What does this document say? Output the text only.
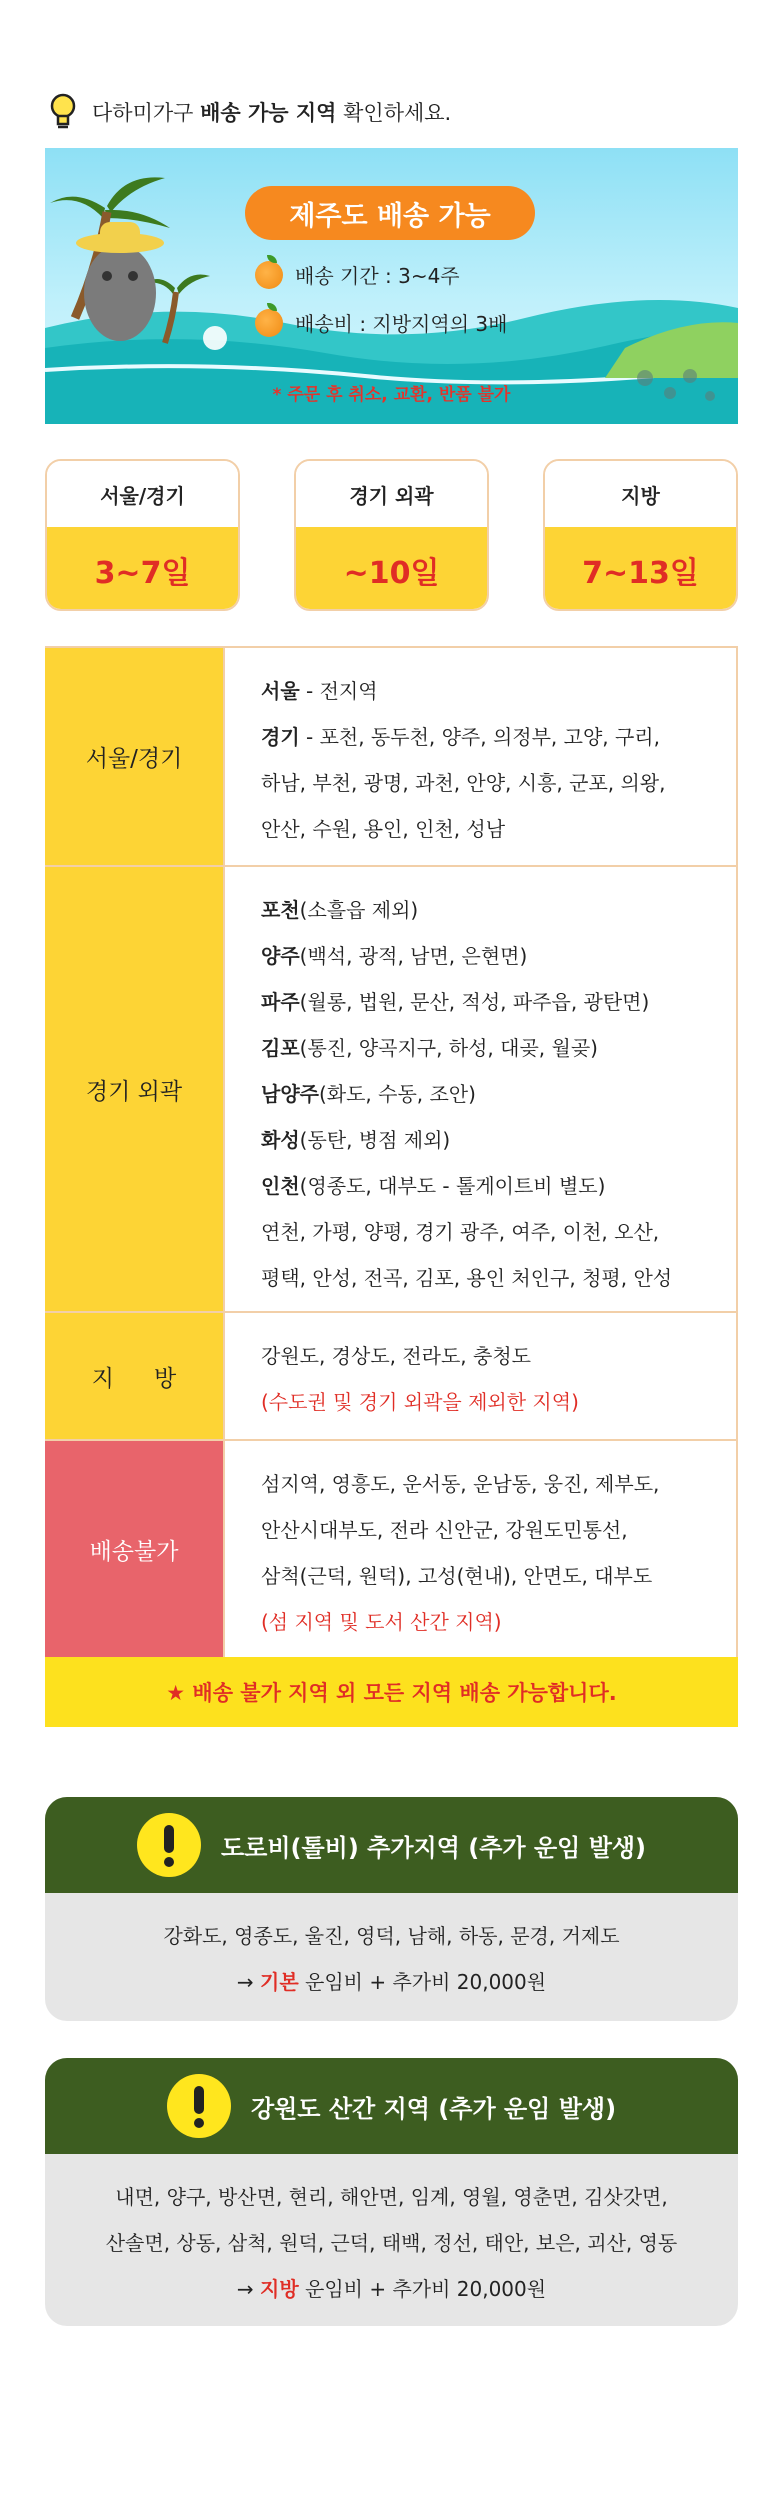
다하미가구 배송 가능 지역 확인하세요.
제주도 배송 가능
배송 기간 : 3~4주
배송비 : 지방지역의 3배
* 주문 후 취소, 교환, 반품 불가
서울/경기
3~7일
경기 외곽
~10일
지방
7~13일
서울/경기
서울 - 전지역
경기 - 포천, 동두천, 양주, 의정부, 고양, 구리,
하남, 부천, 광명, 과천, 안양, 시흥, 군포, 의왕,
안산, 수원, 용인, 인천, 성남
경기 외곽
포천(소흘읍 제외)
양주(백석, 광적, 남면, 은현면)
파주(월롱, 법원, 문산, 적성, 파주읍, 광탄면)
김포(통진, 양곡지구, 하성, 대곶, 월곶)
남양주(화도, 수동, 조안)
화성(동탄, 병점 제외)
인천(영종도, 대부도 - 톨게이트비 별도)
연천, 가평, 양평, 경기 광주, 여주, 이천, 오산,
평택, 안성, 전곡, 김포, 용인 처인구, 청평, 안성
지방
강원도, 경상도, 전라도, 충청도
(수도권 및 경기 외곽을 제외한 지역)
배송불가
섬지역, 영흥도, 운서동, 운남동, 웅진, 제부도,
안산시대부도, 전라 신안군, 강원도민통선,
삼척(근덕, 원덕), 고성(현내), 안면도, 대부도
(섬 지역 및 도서 산간 지역)
★ 배송 불가 지역 외 모든 지역 배송 가능합니다.
도로비(톨비) 추가지역 (추가 운임 발생)
강화도, 영종도, 울진, 영덕, 남해, 하동, 문경, 거제도
→ 기본 운임비 + 추가비 20,000원
강원도 산간 지역 (추가 운임 발생)
내면, 양구, 방산면, 현리, 해안면, 임계, 영월, 영춘면, 김삿갓면,
산솔면, 상동, 삼척, 원덕, 근덕, 태백, 정선, 태안, 보은, 괴산, 영동
→ 지방 운임비 + 추가비 20,000원
